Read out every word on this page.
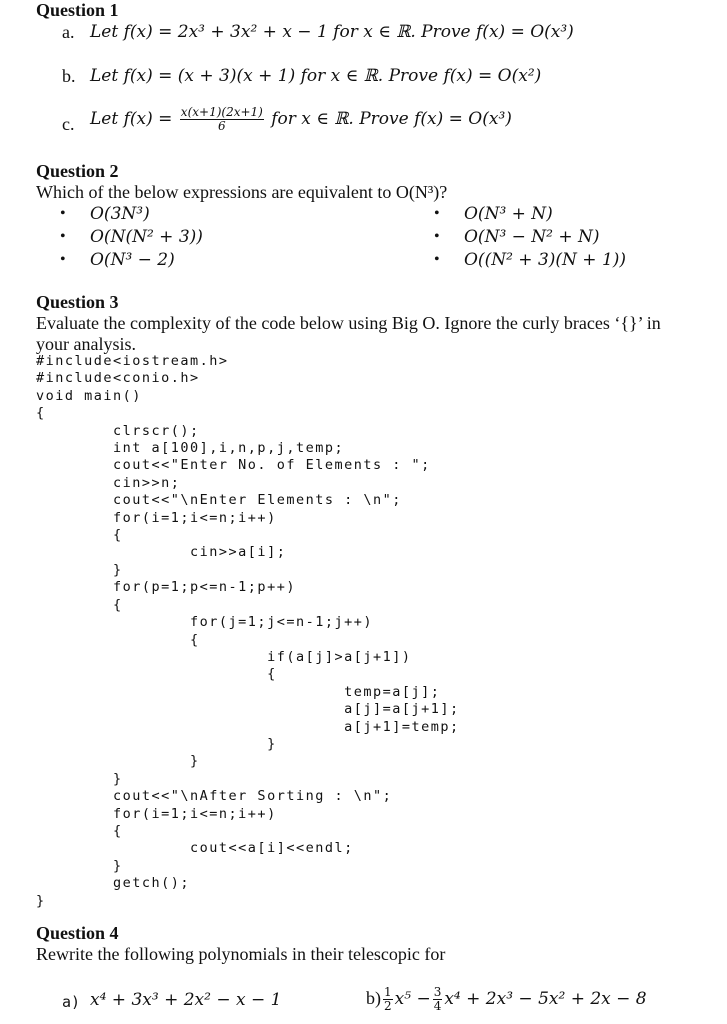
Question 1
a. Let f(x) = 2x³ + 3x² + x − 1 for x ∈ ℝ. Prove f(x) = O(x³)
b. Let f(x) = (x + 3)(x + 1) for x ∈ ℝ. Prove f(x) = O(x²)
c. Let $f(x) = \frac{x(x+1)(2x+1)}{6}$ for x ∈ ℝ. Prove f(x) = O(x³)
Question 2
Which of the below expressions are equivalent to O(N³)?
• O(3N³)
• O(N(N² + 3))
• O(N³ − 2)
• O(N³ + N)
• O(N³ − N² + N)
• O((N² + 3)(N + 1))
Question 3
Evaluate the complexity of the code below using Big O. Ignore the curly braces ‘{}’ in
your analysis.
#include<iostream.h>
#include<conio.h>
void main()
{
clrscr();
int a[100],i,n,p,j,temp;
cout<<"Enter No. of Elements : ";
cin>>n;
cout<<"\nEnter Elements : \n";
for(i=1;i<=n;i++)
{
cin>>a[i];
}
for(p=1;p<=n-1;p++)
{
for(j=1;j<=n-1;j++)
{
if(a[j]>a[j+1])
{
temp=a[j];
a[j]=a[j+1];
a[j+1]=temp;
}
}
}
cout<<"\nAfter Sorting : \n";
for(i=1;i<=n;i++)
{
cout<<a[i]<<endl;
}
getch();
}
Question 4
Rewrite the following polynomials in their telescopic for
a) x⁴ + 3x³ + 2x² − x − 1	$b) \frac{1}{2} x^5 - \frac{3}{4} x^4 + 2x^3 - 5x^2 + 2x - 8$
